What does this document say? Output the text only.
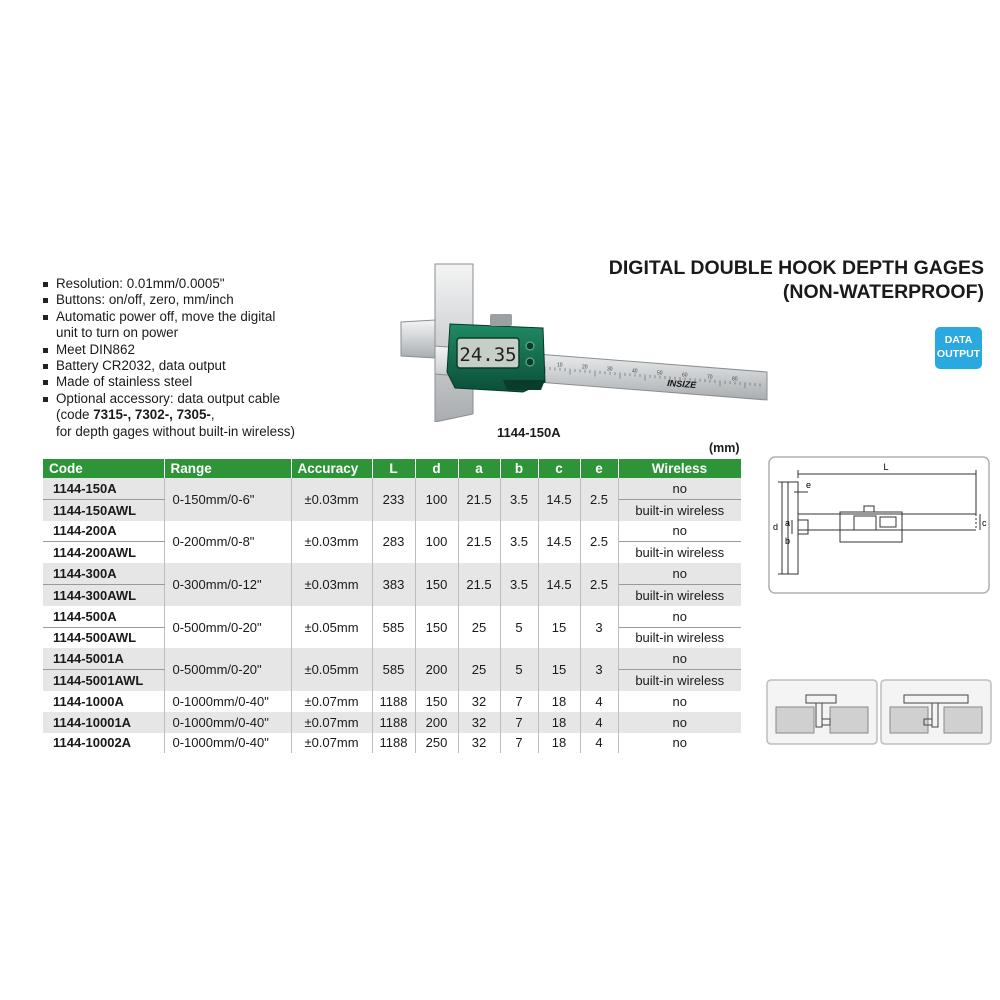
DIGITAL DOUBLE HOOK DEPTH GAGES
(NON-WATERPROOF)
DATA
OUTPUT
Resolution: 0.01mm/0.0005"
Buttons: on/off, zero, mm/inch
Automatic power off, move the digital
unit to turn on power
Meet DIN862
Battery CR2032, data output
Made of stainless steel
Optional accessory: data output cable
(code 7315-, 7302-, 7305-,
for depth gages without built-in wireless)
10	20	30	40	50	60	70	80
24.35
INSIZE
1144-150A
(mm)
Code	Range	Accuracy	L	d	a	b	c	e	Wireless
1144-150A	0-150mm/0-6"	±0.03mm	233	100	21.5	3.5	14.5	2.5	no
1144-150AWL									built-in wireless
1144-200A	0-200mm/0-8"	±0.03mm	283	100	21.5	3.5	14.5	2.5	no
1144-200AWL									built-in wireless
1144-300A	0-300mm/0-12"	±0.03mm	383	150	21.5	3.5	14.5	2.5	no
1144-300AWL									built-in wireless
1144-500A	0-500mm/0-20"	±0.05mm	585	150	25	5	15	3	no
1144-500AWL									built-in wireless
1144-5001A	0-500mm/0-20"	±0.05mm	585	200	25	5	15	3	no
1144-5001AWL									built-in wireless
1144-1000A	0-1000mm/0-40"	±0.07mm	1188	150	32	7	18	4	no
1144-10001A	0-1000mm/0-40"	±0.07mm	1188	200	32	7	18	4	no
1144-10002A	0-1000mm/0-40"	±0.07mm	1188	250	32	7	18	4	no
L
e
d a
b
c
